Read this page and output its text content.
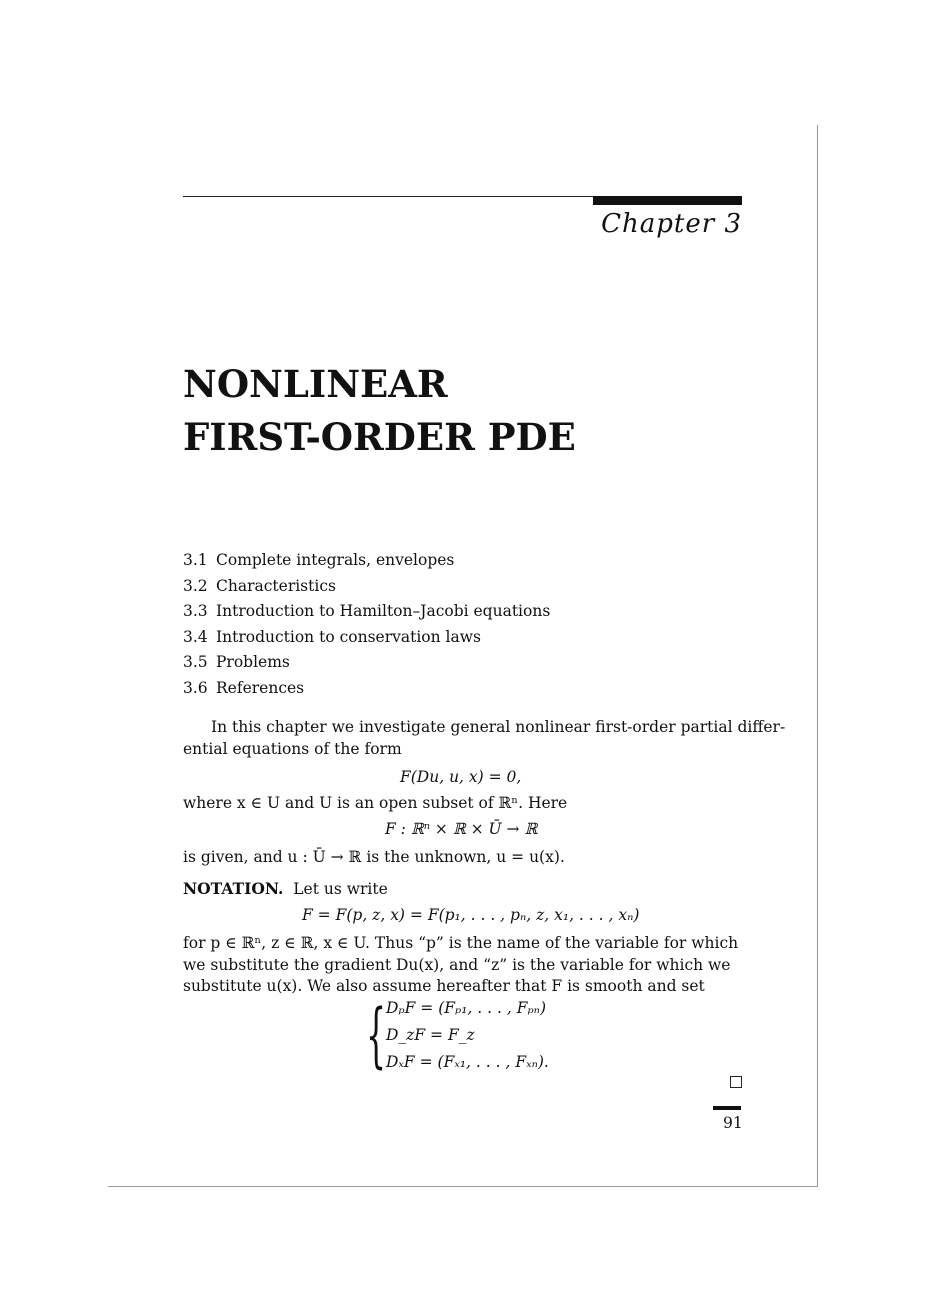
Chapter 3
NONLINEAR
FIRST-ORDER PDE
3.1 Complete integrals, envelopes
3.2 Characteristics
3.3 Introduction to Hamilton–Jacobi equations
3.4 Introduction to conservation laws
3.5 Problems
3.6 References
In this chapter we investigate general nonlinear first-order partial differ-
ential equations of the form
F(Du, u, x) = 0,
where x ∈ U and U is an open subset of ℝⁿ. Here
F : ℝⁿ × ℝ × Ū → ℝ
is given, and u : Ū → ℝ is the unknown, u = u(x).
NOTATION. Let us write
F = F(p, z, x) = F(p₁, . . . , pₙ, z, x₁, . . . , xₙ)
for p ∈ ℝⁿ, z ∈ ℝ, x ∈ U. Thus “p” is the name of the variable for which
we substitute the gradient Du(x), and “z” is the variable for which we
substitute u(x). We also assume hereafter that F is smooth and set
{ DₚF = (Fₚ₁, . . . , Fₚₙ)
D_zF = F_z
DₓF = (Fₓ₁, . . . , Fₓₙ).
91
